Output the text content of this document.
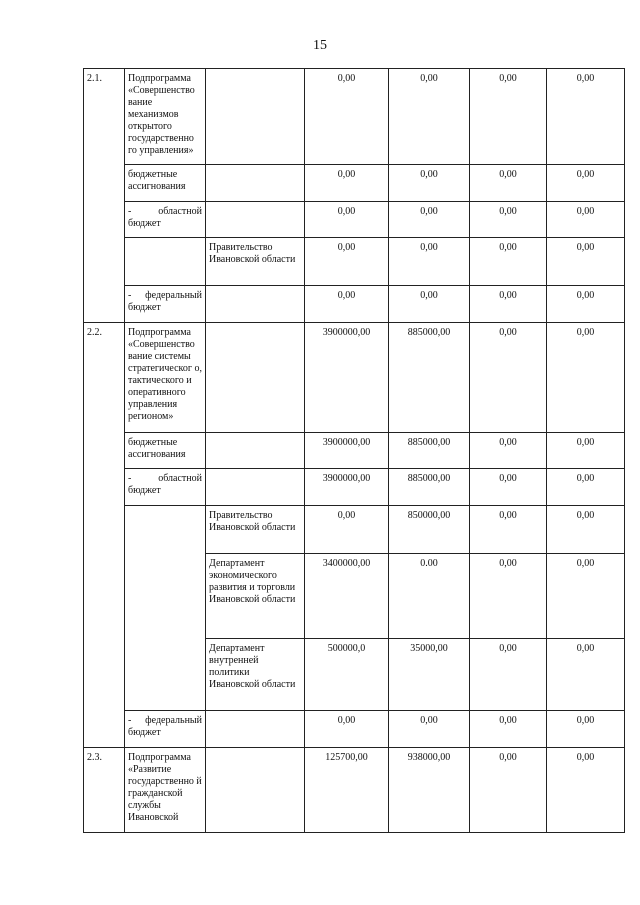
15
2.1.	Подпрограмма «Совершенство вание механизмов открытого государственно го управления»		0,00	0,00	0,00	0,00
	бюджетные ассигнования		0,00	0,00	0,00	0,00
	- областной бюджет		0,00	0,00	0,00	0,00
		Правительство Ивановской области	0,00	0,00	0,00	0,00
	- федеральный бюджет		0,00	0,00	0,00	0,00
2.2.	Подпрограмма «Совершенство вание системы стратегическог о, тактического и оперативного управления регионом»		3900000,00	885000,00	0,00	0,00
	бюджетные ассигнования		3900000,00	885000,00	0,00	0,00
	- областной бюджет		3900000,00	885000,00	0,00	0,00
		Правительство Ивановской области	0,00	850000,00	0,00	0,00
		Департамент экономического развития и торговли Ивановской области	3400000,00	0.00	0,00	0,00
		Департамент внутренней политики Ивановской области	500000,0	35000,00	0,00	0,00
	- федеральный бюджет		0,00	0,00	0,00	0,00
2.3.	Подпрограмма «Развитие государственно й гражданской службы Ивановской		125700,00	938000,00	0,00	0,00
